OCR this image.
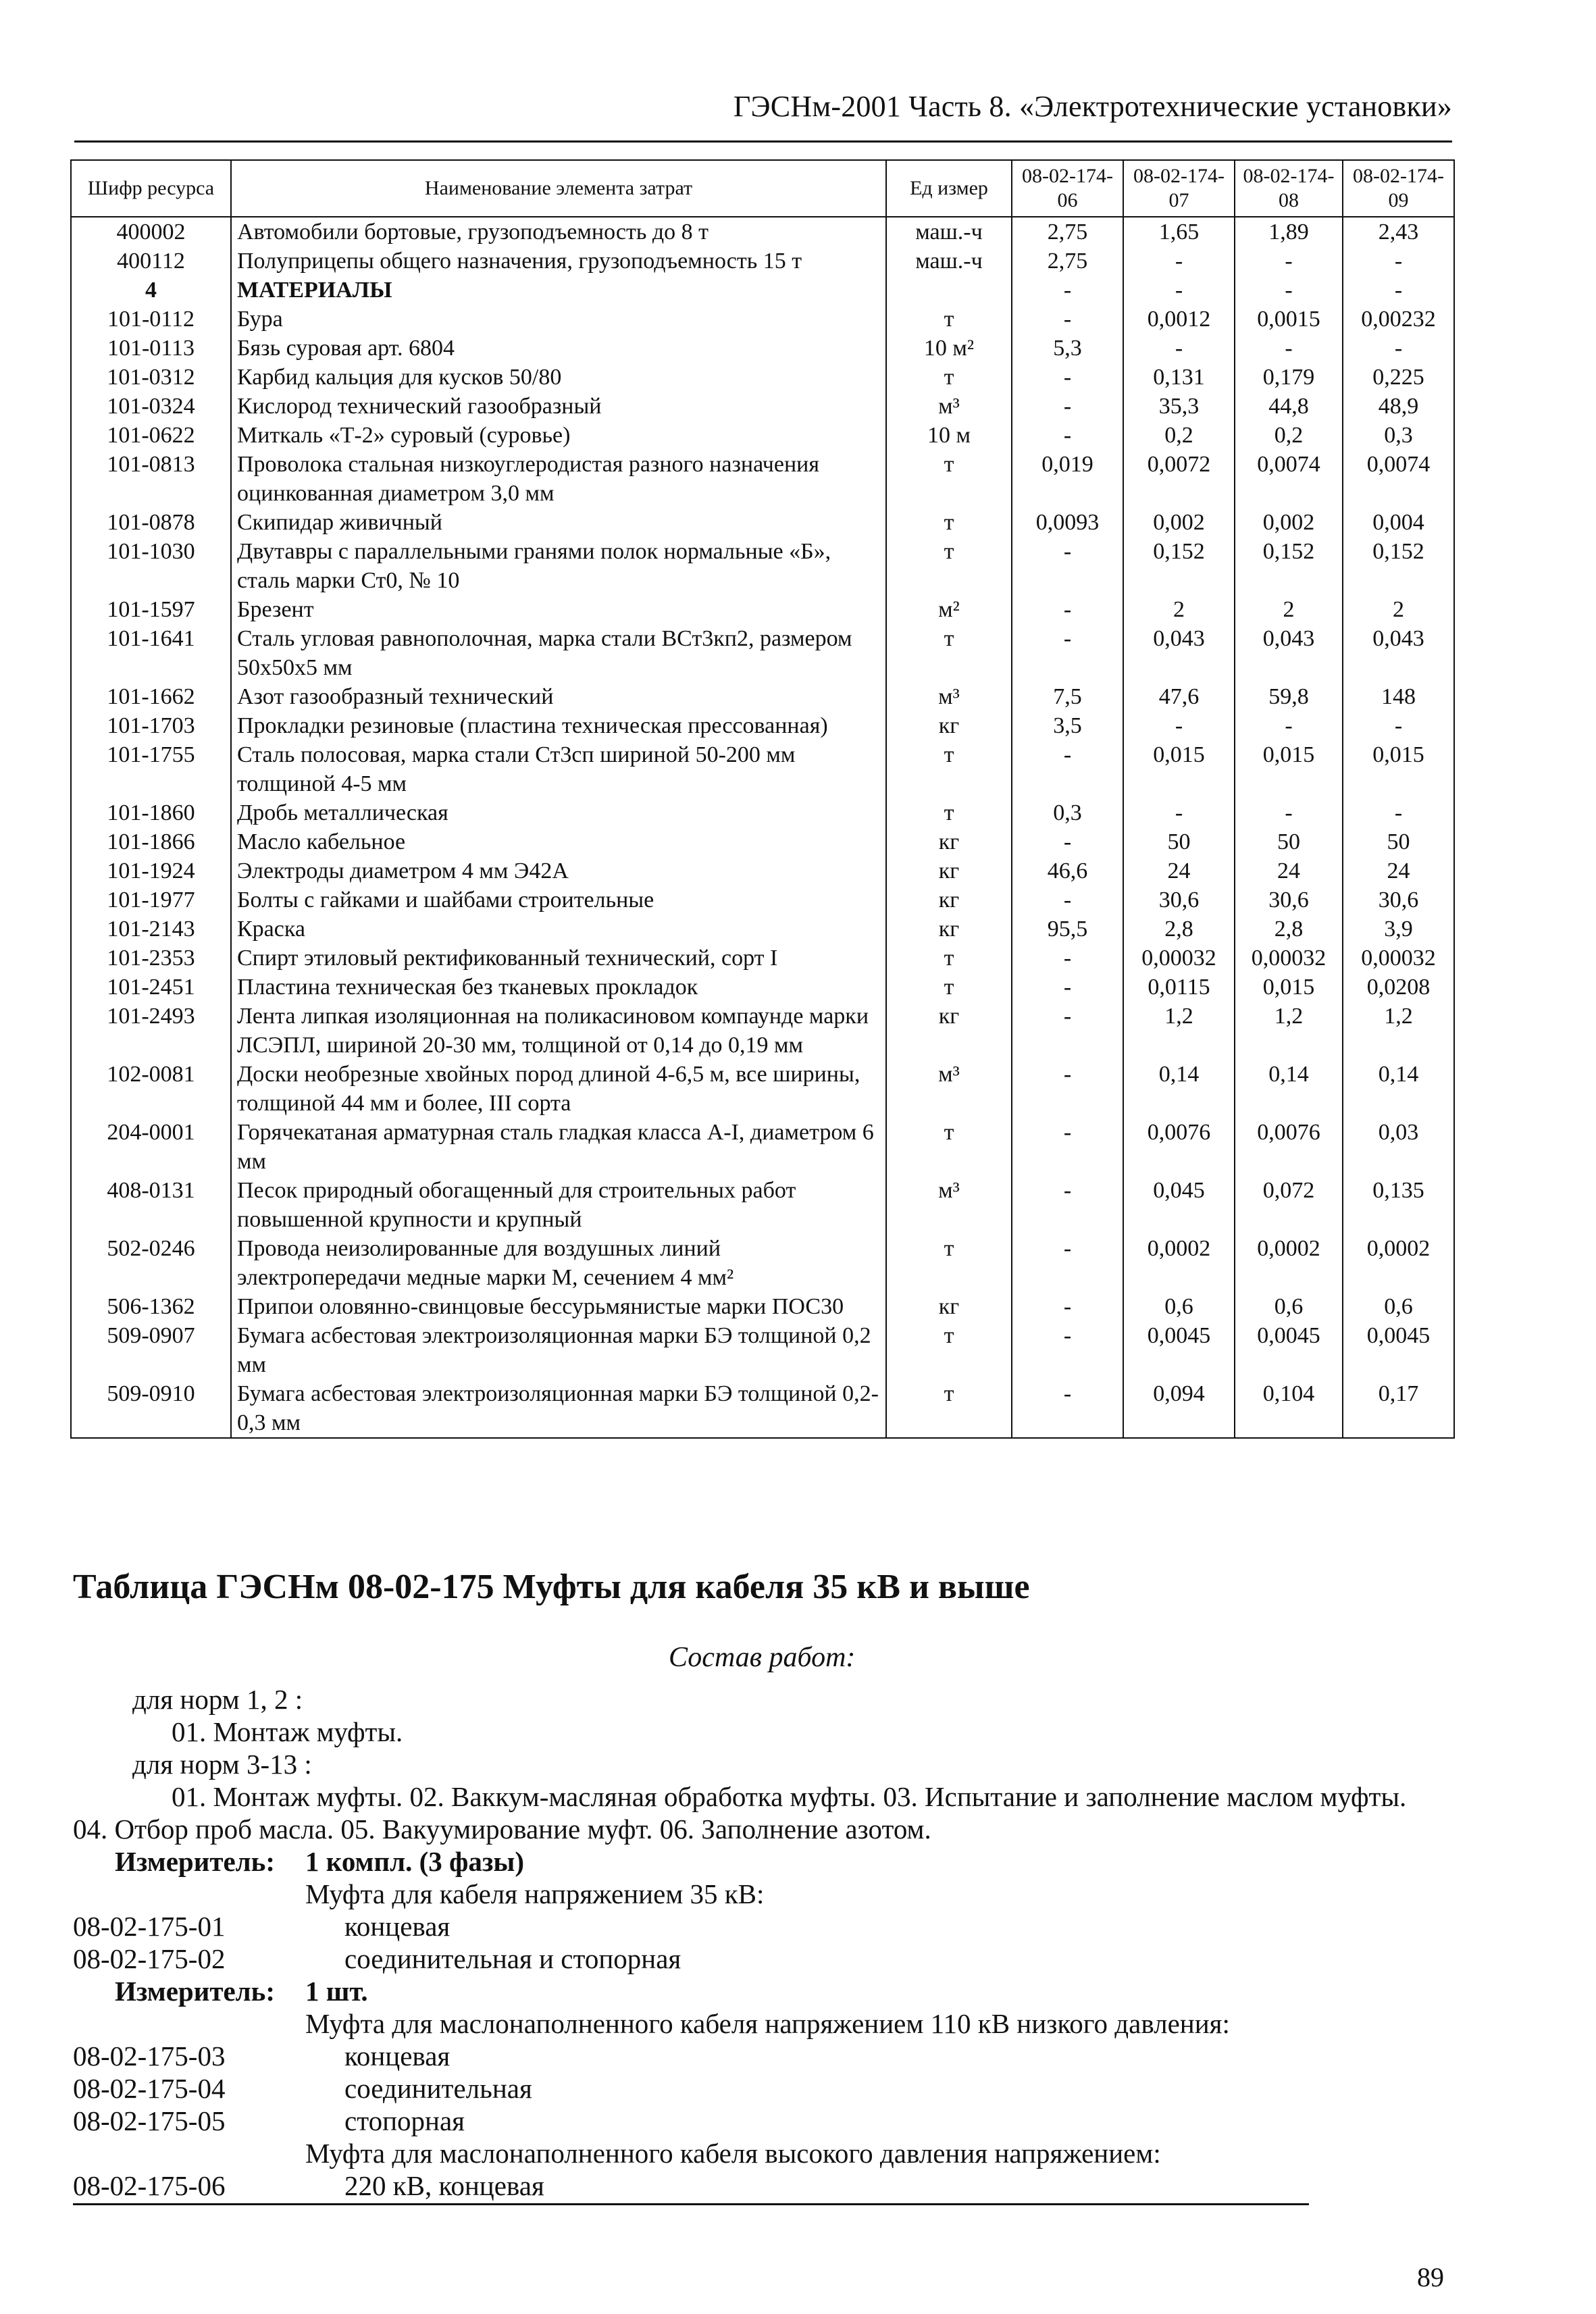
ГЭСНм-2001 Часть 8. «Электротехнические установки»
Шифр ресурса	Наименование элемента затрат	Ед измер	08-02-174-06	08-02-174-07	08-02-174-08	08-02-174-09
400002	Автомобили бортовые, грузоподъемность до 8 т	маш.-ч	2,75	1,65	1,89	2,43
400112	Полуприцепы общего назначения, грузоподъемность 15 т	маш.-ч	2,75	-	-	-
4	МАТЕРИАЛЫ		-	-	-	-
101-0112	Бура	т	-	0,0012	0,0015	0,00232
101-0113	Бязь суровая арт. 6804	10 м²	5,3	-	-	-
101-0312	Карбид кальция для кусков 50/80	т	-	0,131	0,179	0,225
101-0324	Кислород технический газообразный	м³	-	35,3	44,8	48,9
101-0622	Миткаль «Т-2» суровый (суровье)	10 м	-	0,2	0,2	0,3
101-0813	Проволока стальная низкоуглеродистая разного назначения оцинкованная диаметром 3,0 мм	т	0,019	0,0072	0,0074	0,0074
101-0878	Скипидар живичный	т	0,0093	0,002	0,002	0,004
101-1030	Двутавры с параллельными гранями полок нормальные «Б», сталь марки Ст0, № 10	т	-	0,152	0,152	0,152
101-1597	Брезент	м²	-	2	2	2
101-1641	Сталь угловая равнополочная, марка стали ВСт3кп2, размером 50х50х5 мм	т	-	0,043	0,043	0,043
101-1662	Азот газообразный технический	м³	7,5	47,6	59,8	148
101-1703	Прокладки резиновые (пластина техническая прессованная)	кг	3,5	-	-	-
101-1755	Сталь полосовая, марка стали Ст3сп шириной 50-200 мм толщиной 4-5 мм	т	-	0,015	0,015	0,015
101-1860	Дробь металлическая	т	0,3	-	-	-
101-1866	Масло кабельное	кг	-	50	50	50
101-1924	Электроды диаметром 4 мм Э42А	кг	46,6	24	24	24
101-1977	Болты с гайками и шайбами строительные	кг	-	30,6	30,6	30,6
101-2143	Краска	кг	95,5	2,8	2,8	3,9
101-2353	Спирт этиловый ректификованный технический, сорт I	т	-	0,00032	0,00032	0,00032
101-2451	Пластина техническая без тканевых прокладок	т	-	0,0115	0,015	0,0208
101-2493	Лента липкая изоляционная на поликасиновом компаунде марки ЛСЭПЛ, шириной 20-30 мм, толщиной от 0,14 до 0,19 мм	кг	-	1,2	1,2	1,2
102-0081	Доски необрезные хвойных пород длиной 4-6,5 м, все ширины, толщиной 44 мм и более, III сорта	м³	-	0,14	0,14	0,14
204-0001	Горячекатаная арматурная сталь гладкая класса А-I, диаметром 6 мм	т	-	0,0076	0,0076	0,03
408-0131	Песок природный обогащенный для строительных работ повышенной крупности и крупный	м³	-	0,045	0,072	0,135
502-0246	Провода неизолированные для воздушных линий электропередачи медные марки М, сечением 4 мм²	т	-	0,0002	0,0002	0,0002
506-1362	Припои оловянно-свинцовые бессурьмянистые марки ПОС30	кг	-	0,6	0,6	0,6
509-0907	Бумага асбестовая электроизоляционная марки БЭ толщиной 0,2 мм	т	-	0,0045	0,0045	0,0045
509-0910	Бумага асбестовая электроизоляционная марки БЭ толщиной 0,2-0,3 мм	т	-	0,094	0,104	0,17
Таблица ГЭСНм 08-02-175 Муфты для кабеля 35 кВ и выше
Состав работ:
для норм 1, 2 :
01. Монтаж муфты.
для норм 3-13 :
01. Монтаж муфты. 02. Ваккум-масляная обработка муфты. 03. Испытание и заполнение маслом муфты.
04. Отбор проб масла. 05. Вакуумирование муфт. 06. Заполнение азотом.
Измеритель: 1 компл. (3 фазы)
Муфта для кабеля напряжением 35 кВ:
08-02-175-01	концевая
08-02-175-02	соединительная и стопорная
Измеритель: 1 шт.
Муфта для маслонаполненного кабеля напряжением 110 кВ низкого давления:
08-02-175-03	концевая
08-02-175-04	соединительная
08-02-175-05	стопорная
Муфта для маслонаполненного кабеля высокого давления напряжением:
08-02-175-06	220 кВ, концевая
89
